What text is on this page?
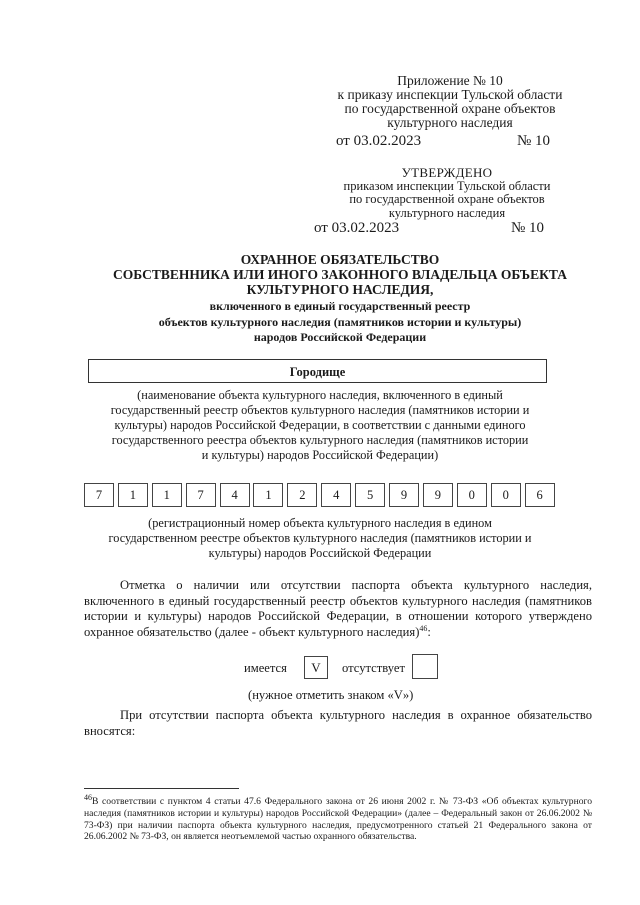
Приложение № 10
к приказу инспекции Тульской области
по государственной охране объектов
культурного наследия
от 03.02.2023	№ 10
УТВЕРЖДЕНО
приказом инспекции Тульской области
по государственной охране объектов
культурного наследия
от 03.02.2023	№ 10
ОХРАННОЕ ОБЯЗАТЕЛЬСТВО
СОБСТВЕННИКА ИЛИ ИНОГО ЗАКОННОГО ВЛАДЕЛЬЦА ОБЪЕКТА
КУЛЬТУРНОГО НАСЛЕДИЯ,
включенного в единый государственный реестр
объектов культурного наследия (памятников истории и культуры)
народов Российской Федерации
Городище
(наименование объекта культурного наследия, включенного в единый
государственный реестр объектов культурного наследия (памятников истории и
культуры) народов Российской Федерации, в соответствии с данными единого
государственного реестра объектов культурного наследия (памятников истории
и культуры) народов Российской Федерации)
7	1	1	7	4	1	2	4	5	9	9	0	0	6
(регистрационный номер объекта культурного наследия в едином
государственном реестре объектов культурного наследия (памятников истории и
культуры) народов Российской Федерации
Отметка о наличии или отсутствии паспорта объекта культурного наследия, включенного в единый государственный реестр объектов культурного наследия (памятников истории и культуры) народов Российской Федерации, в отношении которого утверждено охранное обязательство (далее - объект культурного наследия)$^{46}$:
имеется	V	отсутствует
(нужное отметить знаком «V»)
При отсутствии паспорта объекта культурного наследия в охранное обязательство вносятся:
$^{46}$В соответствии с пунктом 4 статьи 47.6 Федерального закона от 26 июня 2002 г. № 73-ФЗ «Об объектах культурного наследия (памятников истории и культуры) народов Российской Федерации» (далее – Федеральный закон от 26.06.2002 № 73-ФЗ) при наличии паспорта объекта культурного наследия, предусмотренного статьей 21 Федерального закона от 26.06.2002 № 73-ФЗ, он является неотъемлемой частью охранного обязательства.
